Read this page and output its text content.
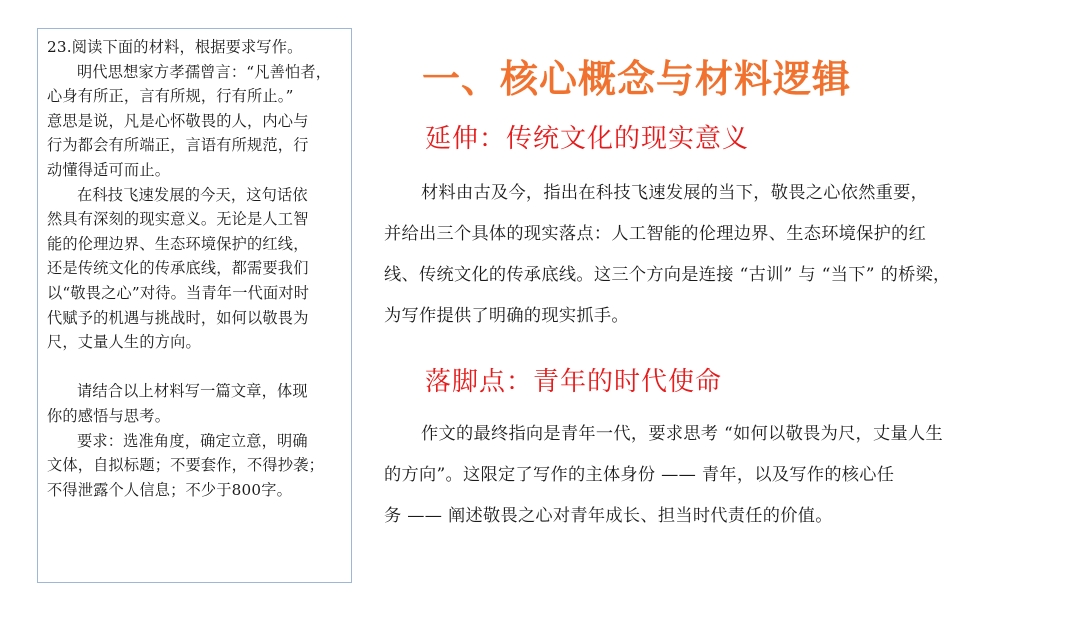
23.阅读下面的材料，根据要求写作。
明代思想家方孝孺曾言：“凡善怕者，
心身有所正，言有所规，行有所止。”
意思是说，凡是心怀敬畏的人，内心与
行为都会有所端正，言语有所规范，行
动懂得适可而止。
在科技飞速发展的今天，这句话依
然具有深刻的现实意义。无论是人工智
能的伦理边界、生态环境保护的红线，
还是传统文化的传承底线，都需要我们
以“敬畏之心”对待。当青年一代面对时
代赋予的机遇与挑战时，如何以敬畏为
尺，丈量人生的方向。
请结合以上材料写一篇文章，体现
你的感悟与思考。
要求：选准角度，确定立意，明确
文体，自拟标题；不要套作，不得抄袭；
不得泄露个人信息；不少于800字。
一、核心概念与材料逻辑
延伸：传统文化的现实意义
材料由古及今，指出在科技飞速发展的当下，敬畏之心依然重要，
并给出三个具体的现实落点：人工智能的伦理边界、生态环境保护的红
线、传统文化的传承底线。这三个方向是连接 “古训” 与 “当下” 的桥梁，
为写作提供了明确的现实抓手。
落脚点：青年的时代使命
作文的最终指向是青年一代，要求思考 “如何以敬畏为尺，丈量人生
的方向”。这限定了写作的主体身份 —— 青年，以及写作的核心任
务 —— 阐述敬畏之心对青年成长、担当时代责任的价值。
